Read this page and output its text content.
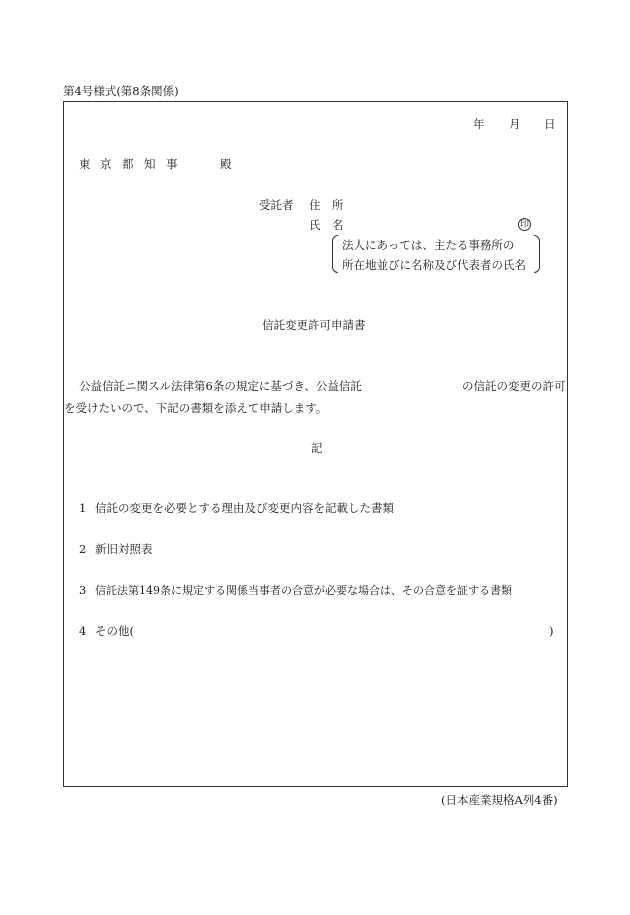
第4号様式(第8条関係)
年 月 日
東 京 都 知 事	殿
受託者 住　所
氏　名	印
法人にあっては、主たる事務所の
所在地並びに名称及び代表者の氏名
信託変更許可申請書
公益信託ニ関スル法律第6条の規定に基づき、公益信託	の信託の変更の許可
を受けたいので、下記の書類を添えて申請します。
記
1 信託の変更を必要とする理由及び変更内容を記載した書類
2 新旧対照表
3 信託法第149条に規定する関係当事者の合意が必要な場合は、その合意を証する書類
4 その他(	)
(日本産業規格A列4番)
